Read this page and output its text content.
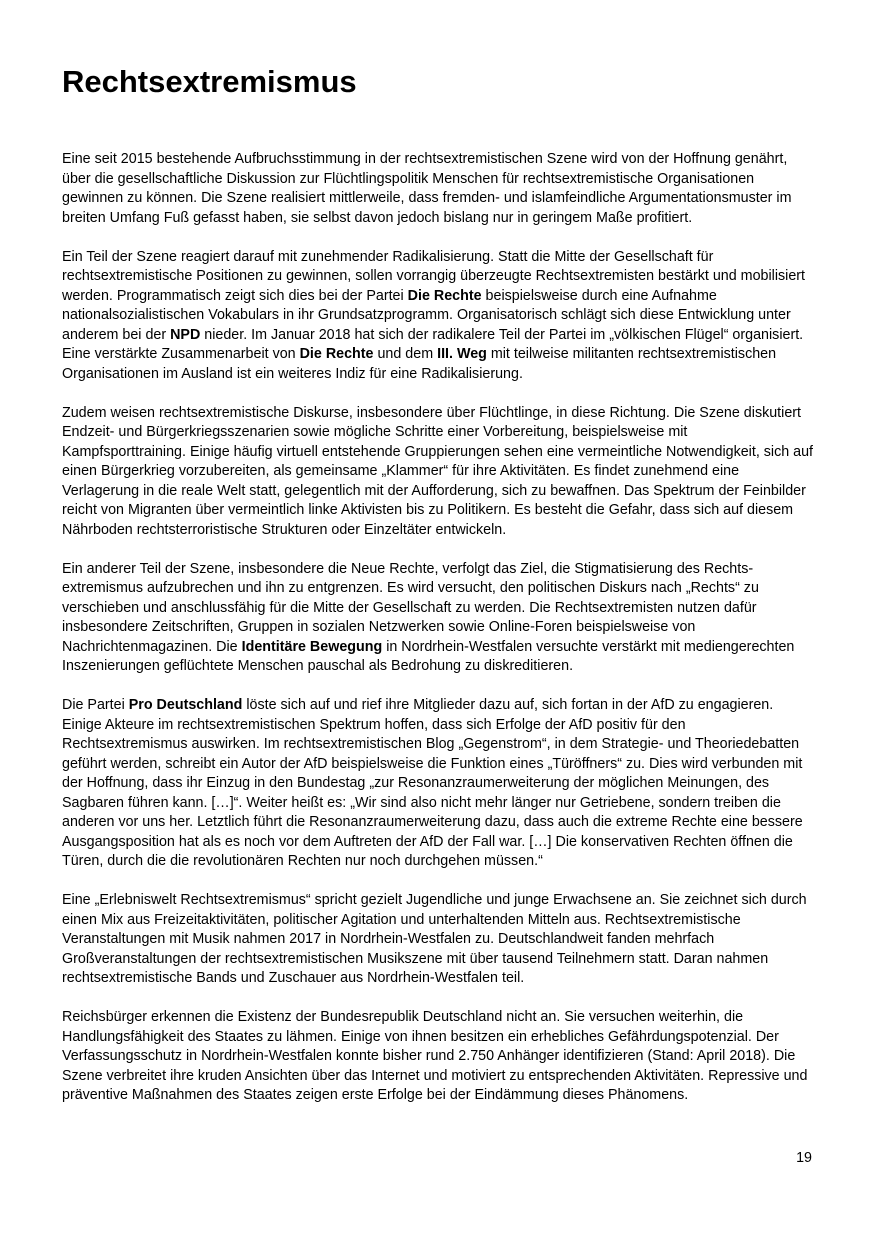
Rechtsextremismus

Eine seit 2015 bestehende Aufbruchsstimmung in der rechtsextremistischen Szene wird von der Hoffnung genährt, über die gesellschaftliche Diskussion zur Flüchtlingspolitik Menschen für rechtsextremistische Organisationen gewinnen zu können. Die Szene realisiert mittlerweile, dass fremden- und islamfeindliche Argumentationsmuster im breiten Umfang Fuß gefasst haben, sie selbst davon jedoch bislang nur in geringem Maße profitiert.

Ein Teil der Szene reagiert darauf mit zunehmender Radikalisierung. Statt die Mitte der Gesellschaft für rechtsextremistische Positionen zu gewinnen, sollen vorrangig überzeugte Rechtsextremisten bestärkt und mobilisiert werden. Programmatisch zeigt sich dies bei der Partei Die Rechte beispielsweise durch eine Aufnahme nationalsozialistischen Vokabulars in ihr Grundsatzprogramm. Organisatorisch schlägt sich diese Entwicklung unter anderem bei der NPD nieder. Im Januar 2018 hat sich der radikalere Teil der Partei im „völkischen Flügel“ organisiert. Eine verstärkte Zusammenarbeit von Die Rechte und dem III. Weg mit teilweise militanten rechtsextremistischen Organisationen im Ausland ist ein weiteres Indiz für eine Radikalisierung.

Zudem weisen rechtsextremistische Diskurse, insbesondere über Flüchtlinge, in diese Richtung. Die Szene diskutiert Endzeit- und Bürgerkriegsszenarien sowie mögliche Schritte einer Vorbereitung, beispielsweise mit Kampfsporttraining. Einige häufig virtuell entstehende Gruppierungen sehen eine vermeintliche Notwendigkeit, sich auf einen Bürgerkrieg vorzubereiten, als gemeinsame „Klammer“ für ihre Aktivitäten. Es findet zunehmend eine Verlagerung in die reale Welt statt, gelegentlich mit der Aufforderung, sich zu bewaffnen. Das Spektrum der Feinbilder reicht von Migranten über vermeintlich linke Aktivisten bis zu Politikern. Es besteht die Gefahr, dass sich auf diesem Nährboden rechtsterroristische Strukturen oder Einzeltäter entwickeln.

Ein anderer Teil der Szene, insbesondere die Neue Rechte, verfolgt das Ziel, die Stigmatisierung des Rechtsextremismus aufzubrechen und ihn zu entgrenzen. Es wird versucht, den politischen Diskurs nach „Rechts“ zu verschieben und anschlussfähig für die Mitte der Gesellschaft zu werden. Die Rechtsextremisten nutzen dafür insbesondere Zeitschriften, Gruppen in sozialen Netzwerken sowie Online-Foren beispielsweise von Nachrichtenmagazinen. Die Identitäre Bewegung in Nordrhein-Westfalen versuchte verstärkt mit mediengerechten Inszenierungen geflüchtete Menschen pauschal als Bedrohung zu diskreditieren.

Die Partei Pro Deutschland löste sich auf und rief ihre Mitglieder dazu auf, sich fortan in der AfD zu engagieren. Einige Akteure im rechtsextremistischen Spektrum hoffen, dass sich Erfolge der AfD positiv für den Rechtsextremismus auswirken. Im rechtsextremistischen Blog „Gegenstrom“, in dem Strategie- und Theoriedebatten geführt werden, schreibt ein Autor der AfD beispielsweise die Funktion eines „Türöffners“ zu. Dies wird verbunden mit der Hoffnung, dass ihr Einzug in den Bundestag „zur Resonanzraumerweiterung der möglichen Meinungen, des Sagbaren führen kann. […]“. Weiter heißt es: „Wir sind also nicht mehr länger nur Getriebene, sondern treiben die anderen vor uns her. Letztlich führt die Resonanzraumerweiterung dazu, dass auch die extreme Rechte eine bessere Ausgangsposition hat als es noch vor dem Auftreten der AfD der Fall war. […] Die konservativen Rechten öffnen die Türen, durch die die revolutionären Rechten nur noch durchgehen müssen.“

Eine „Erlebniswelt Rechtsextremismus“ spricht gezielt Jugendliche und junge Erwachsene an. Sie zeichnet sich durch einen Mix aus Freizeitaktivitäten, politischer Agitation und unterhaltenden Mitteln aus. Rechtsextremistische Veranstaltungen mit Musik nahmen 2017 in Nordrhein-Westfalen zu. Deutschlandweit fanden mehrfach Großveranstaltungen der rechtsextremistischen Musikszene mit über tausend Teilnehmern statt. Daran nahmen rechtsextremistische Bands und Zuschauer aus Nordrhein-Westfalen teil.

Reichsbürger erkennen die Existenz der Bundesrepublik Deutschland nicht an. Sie versuchen weiterhin, die Handlungsfähigkeit des Staates zu lähmen. Einige von ihnen besitzen ein erhebliches Gefährdungspotenzial. Der Verfassungsschutz in Nordrhein-Westfalen konnte bisher rund 2.750 Anhänger identifizieren (Stand: April 2018). Die Szene verbreitet ihre kruden Ansichten über das Internet und motiviert zu entsprechenden Aktivitäten. Repressive und präventive Maßnahmen des Staates zeigen erste Erfolge bei der Eindämmung dieses Phänomens.

19
